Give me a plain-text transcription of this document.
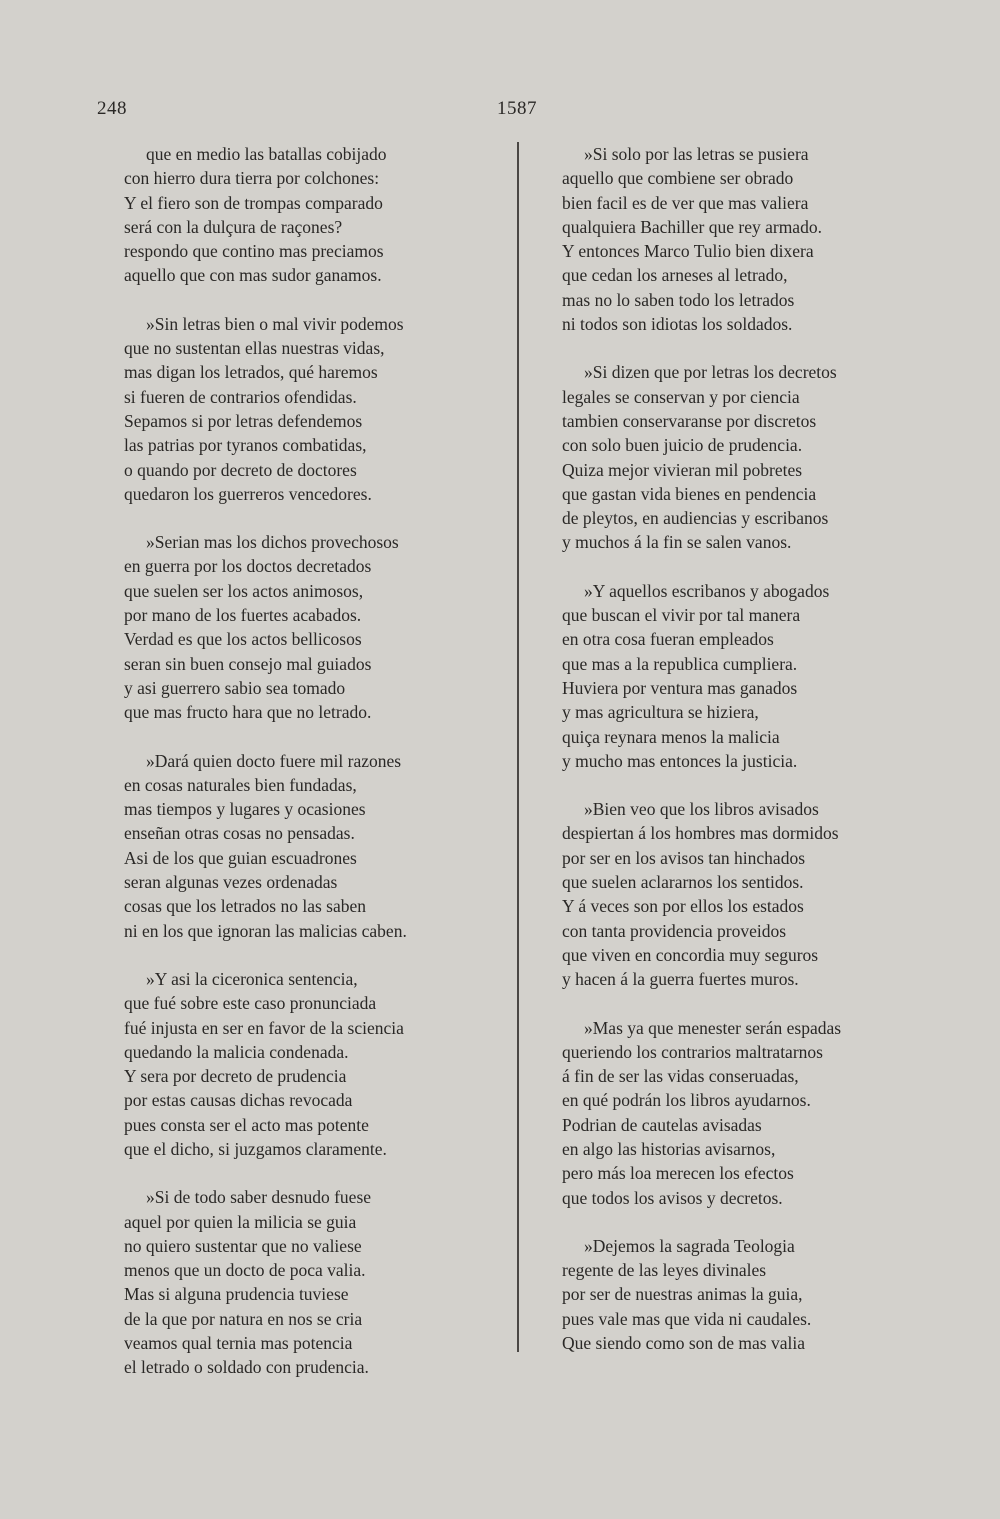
248	1587
que en medio las batallas cobijado
con hierro dura tierra por colchones:
Y el fiero son de trompas comparado
será con la dulçura de raçones?
respondo que contino mas preciamos
aquello que con mas sudor ganamos.
»Sin letras bien o mal vivir podemos
que no sustentan ellas nuestras vidas,
mas digan los letrados, qué haremos
si fueren de contrarios ofendidas.
Sepamos si por letras defendemos
las patrias por tyranos combatidas,
o quando por decreto de doctores
quedaron los guerreros vencedores.
»Serian mas los dichos provechosos
en guerra por los doctos decretados
que suelen ser los actos animosos,
por mano de los fuertes acabados.
Verdad es que los actos bellicosos
seran sin buen consejo mal guiados
y asi guerrero sabio sea tomado
que mas fructo hara que no letrado.
»Dará quien docto fuere mil razones
en cosas naturales bien fundadas,
mas tiempos y lugares y ocasiones
enseñan otras cosas no pensadas.
Asi de los que guian escuadrones
seran algunas vezes ordenadas
cosas que los letrados no las saben
ni en los que ignoran las malicias caben.
»Y asi la ciceronica sentencia,
que fué sobre este caso pronunciada
fué injusta en ser en favor de la sciencia
quedando la malicia condenada.
Y sera por decreto de prudencia
por estas causas dichas revocada
pues consta ser el acto mas potente
que el dicho, si juzgamos claramente.
»Si de todo saber desnudo fuese
aquel por quien la milicia se guia
no quiero sustentar que no valiese
menos que un docto de poca valia.
Mas si alguna prudencia tuviese
de la que por natura en nos se cria
veamos qual ternia mas potencia
el letrado o soldado con prudencia.
»Si solo por las letras se pusiera
aquello que combiene ser obrado
bien facil es de ver que mas valiera
qualquiera Bachiller que rey armado.
Y entonces Marco Tulio bien dixera
que cedan los arneses al letrado,
mas no lo saben todo los letrados
ni todos son idiotas los soldados.
»Si dizen que por letras los decretos
legales se conservan y por ciencia
tambien conservaranse por discretos
con solo buen juicio de prudencia.
Quiza mejor vivieran mil pobretes
que gastan vida bienes en pendencia
de pleytos, en audiencias y escribanos
y muchos á la fin se salen vanos.
»Y aquellos escribanos y abogados
que buscan el vivir por tal manera
en otra cosa fueran empleados
que mas a la republica cumpliera.
Huviera por ventura mas ganados
y mas agricultura se hiziera,
quiça reynara menos la malicia
y mucho mas entonces la justicia.
»Bien veo que los libros avisados
despiertan á los hombres mas dormidos
por ser en los avisos tan hinchados
que suelen aclararnos los sentidos.
Y á veces son por ellos los estados
con tanta providencia proveidos
que viven en concordia muy seguros
y hacen á la guerra fuertes muros.
»Mas ya que menester serán espadas
queriendo los contrarios maltratarnos
á fin de ser las vidas conseruadas,
en qué podrán los libros ayudarnos.
Podrian de cautelas avisadas
en algo las historias avisarnos,
pero más loa merecen los efectos
que todos los avisos y decretos.
»Dejemos la sagrada Teologia
regente de las leyes divinales
por ser de nuestras animas la guia,
pues vale mas que vida ni caudales.
Que siendo como son de mas valia
